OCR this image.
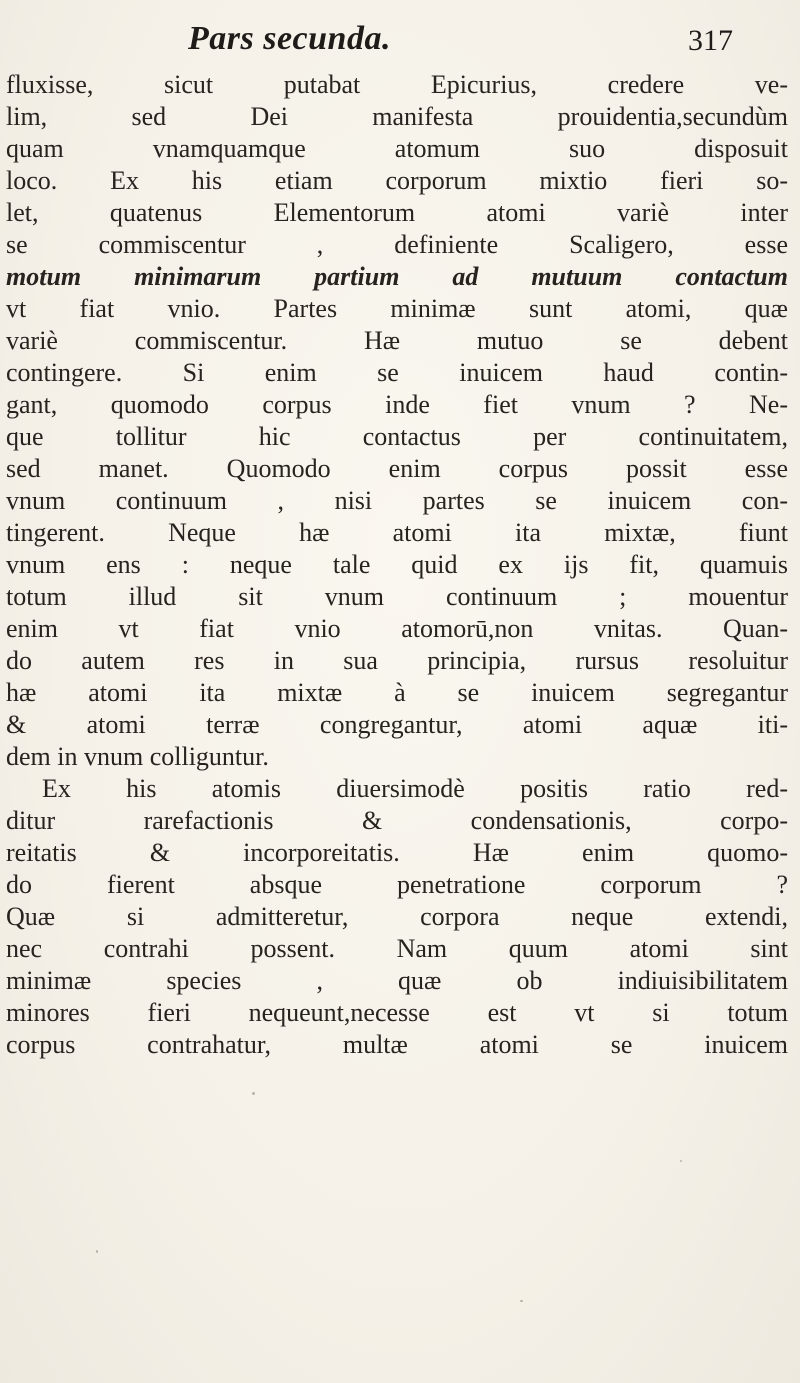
Pars secunda.	317
fluxisse, sicut putabat Epicurius, credere ve-
lim, sed Dei manifesta prouidentia,secundùm
quam vnamquamque atomum suo disposuit
loco. Ex his etiam corporum mixtio fieri so-
let, quatenus Elementorum atomi variè inter
se commiscentur , definiente Scaligero, esse
motum minimarum partium ad mutuum contactum
vt fiat vnio. Partes minimæ sunt atomi, quæ
variè commiscentur. Hæ mutuo se debent
contingere. Si enim se inuicem haud contin-
gant, quomodo corpus inde fiet vnum ? Ne-
que tollitur hic contactus per continuitatem,
sed manet. Quomodo enim corpus possit esse
vnum continuum , nisi partes se inuicem con-
tingerent. Neque hæ atomi ita mixtæ, fiunt
vnum ens : neque tale quid ex ijs fit, quamuis
totum illud sit vnum continuum ; mouentur
enim vt fiat vnio atomorū,non vnitas. Quan-
do autem res in sua principia, rursus resoluitur
hæ atomi ita mixtæ à se inuicem segregantur
& atomi terræ congregantur, atomi aquæ iti-
dem in vnum colliguntur.
Ex his atomis diuersimodè positis ratio red-
ditur rarefactionis & condensationis, corpo-
reitatis & incorporeitatis. Hæ enim quomo-
do fierent absque penetratione corporum ?
Quæ si admitteretur, corpora neque extendi,
nec contrahi possent. Nam quum atomi sint
minimæ species , quæ ob indiuisibilitatem
minores fieri nequeunt,necesse est vt si totum
corpus contrahatur, multæ atomi se inuicem
